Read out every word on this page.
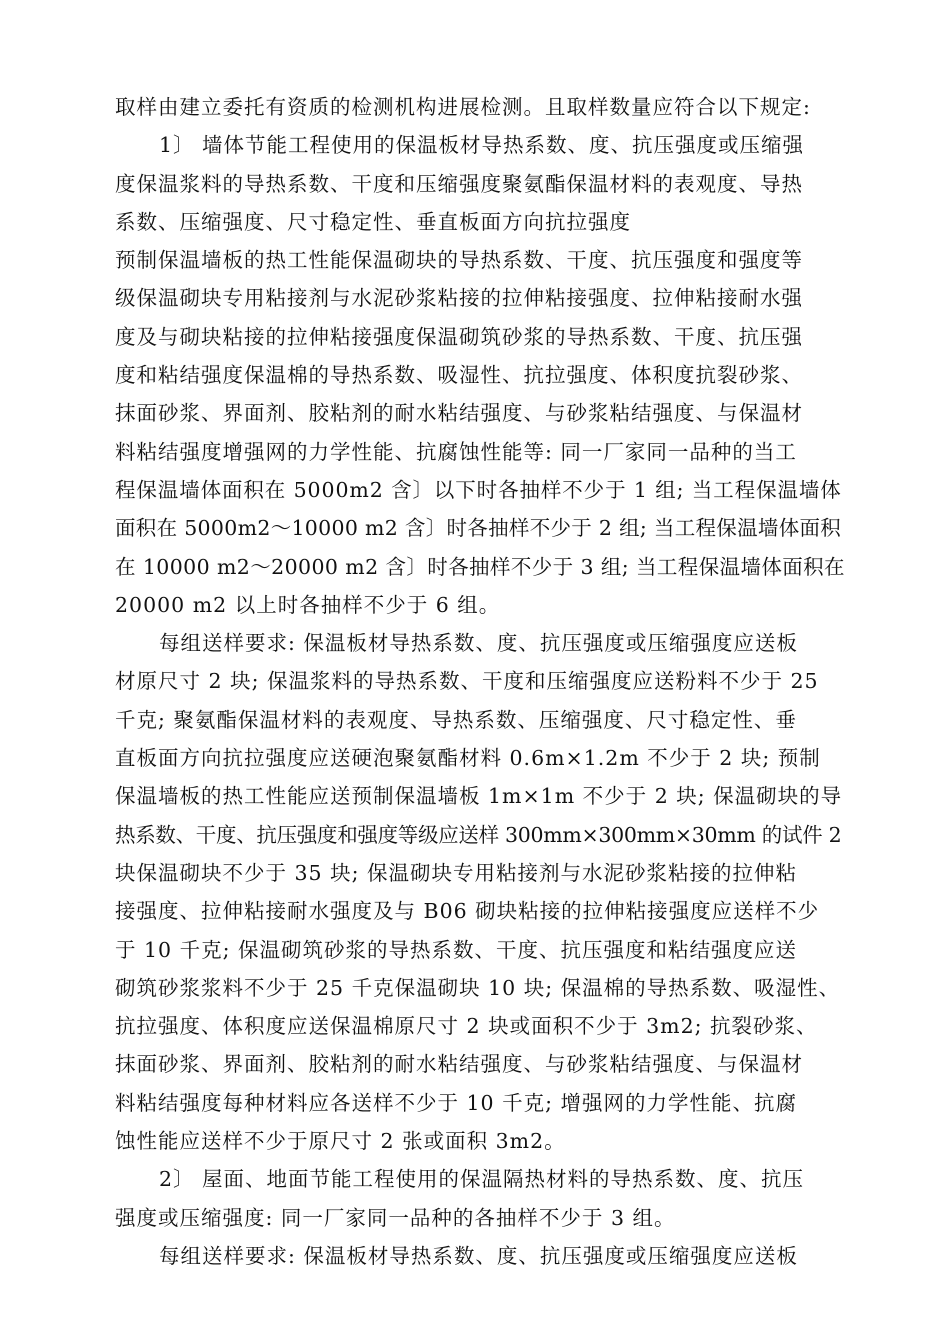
取样由建立委托有资质的检测机构进展检测。且取样数量应符合以下规定:
1〕 墙体节能工程使用的保温板材导热系数、度、抗压强度或压缩强
度保温浆料的导热系数、干度和压缩强度聚氨酯保温材料的表观度、导热
系数、压缩强度、尺寸稳定性、垂直板面方向抗拉强度
预制保温墙板的热工性能保温砌块的导热系数、干度、抗压强度和强度等
级保温砌块专用粘接剂与水泥砂浆粘接的拉伸粘接强度、拉伸粘接耐水强
度及与砌块粘接的拉伸粘接强度保温砌筑砂浆的导热系数、干度、抗压强
度和粘结强度保温棉的导热系数、吸湿性、抗拉强度、体积度抗裂砂浆、
抹面砂浆、界面剂、胶粘剂的耐水粘结强度、与砂浆粘结强度、与保温材
料粘结强度增强网的力学性能、抗腐蚀性能等: 同一厂家同一品种的当工
程保温墙体面积在 5000m2 含〕以下时各抽样不少于 1 组; 当工程保温墙体
面积在 5000m2～10000 m2 含〕时各抽样不少于 2 组; 当工程保温墙体面积
在 10000 m2～20000 m2 含〕时各抽样不少于 3 组; 当工程保温墙体面积在
20000 m2 以上时各抽样不少于 6 组。
每组送样要求: 保温板材导热系数、度、抗压强度或压缩强度应送板
材原尺寸 2 块; 保温浆料的导热系数、干度和压缩强度应送粉料不少于 25
千克; 聚氨酯保温材料的表观度、导热系数、压缩强度、尺寸稳定性、垂
直板面方向抗拉强度应送硬泡聚氨酯材料 0.6m×1.2m 不少于 2 块; 预制
保温墙板的热工性能应送预制保温墙板 1m×1m 不少于 2 块; 保温砌块的导
热系数、干度、抗压强度和强度等级应送样 300mm×300mm×30mm 的试件 2
块保温砌块不少于 35 块; 保温砌块专用粘接剂与水泥砂浆粘接的拉伸粘
接强度、拉伸粘接耐水强度及与 B06 砌块粘接的拉伸粘接强度应送样不少
于 10 千克; 保温砌筑砂浆的导热系数、干度、抗压强度和粘结强度应送
砌筑砂浆浆料不少于 25 千克保温砌块 10 块; 保温棉的导热系数、吸湿性、
抗拉强度、体积度应送保温棉原尺寸 2 块或面积不少于 3m2; 抗裂砂浆、
抹面砂浆、界面剂、胶粘剂的耐水粘结强度、与砂浆粘结强度、与保温材
料粘结强度每种材料应各送样不少于 10 千克; 增强网的力学性能、抗腐
蚀性能应送样不少于原尺寸 2 张或面积 3m2。
2〕 屋面、地面节能工程使用的保温隔热材料的导热系数、度、抗压
强度或压缩强度: 同一厂家同一品种的各抽样不少于 3 组。
每组送样要求: 保温板材导热系数、度、抗压强度或压缩强度应送板
